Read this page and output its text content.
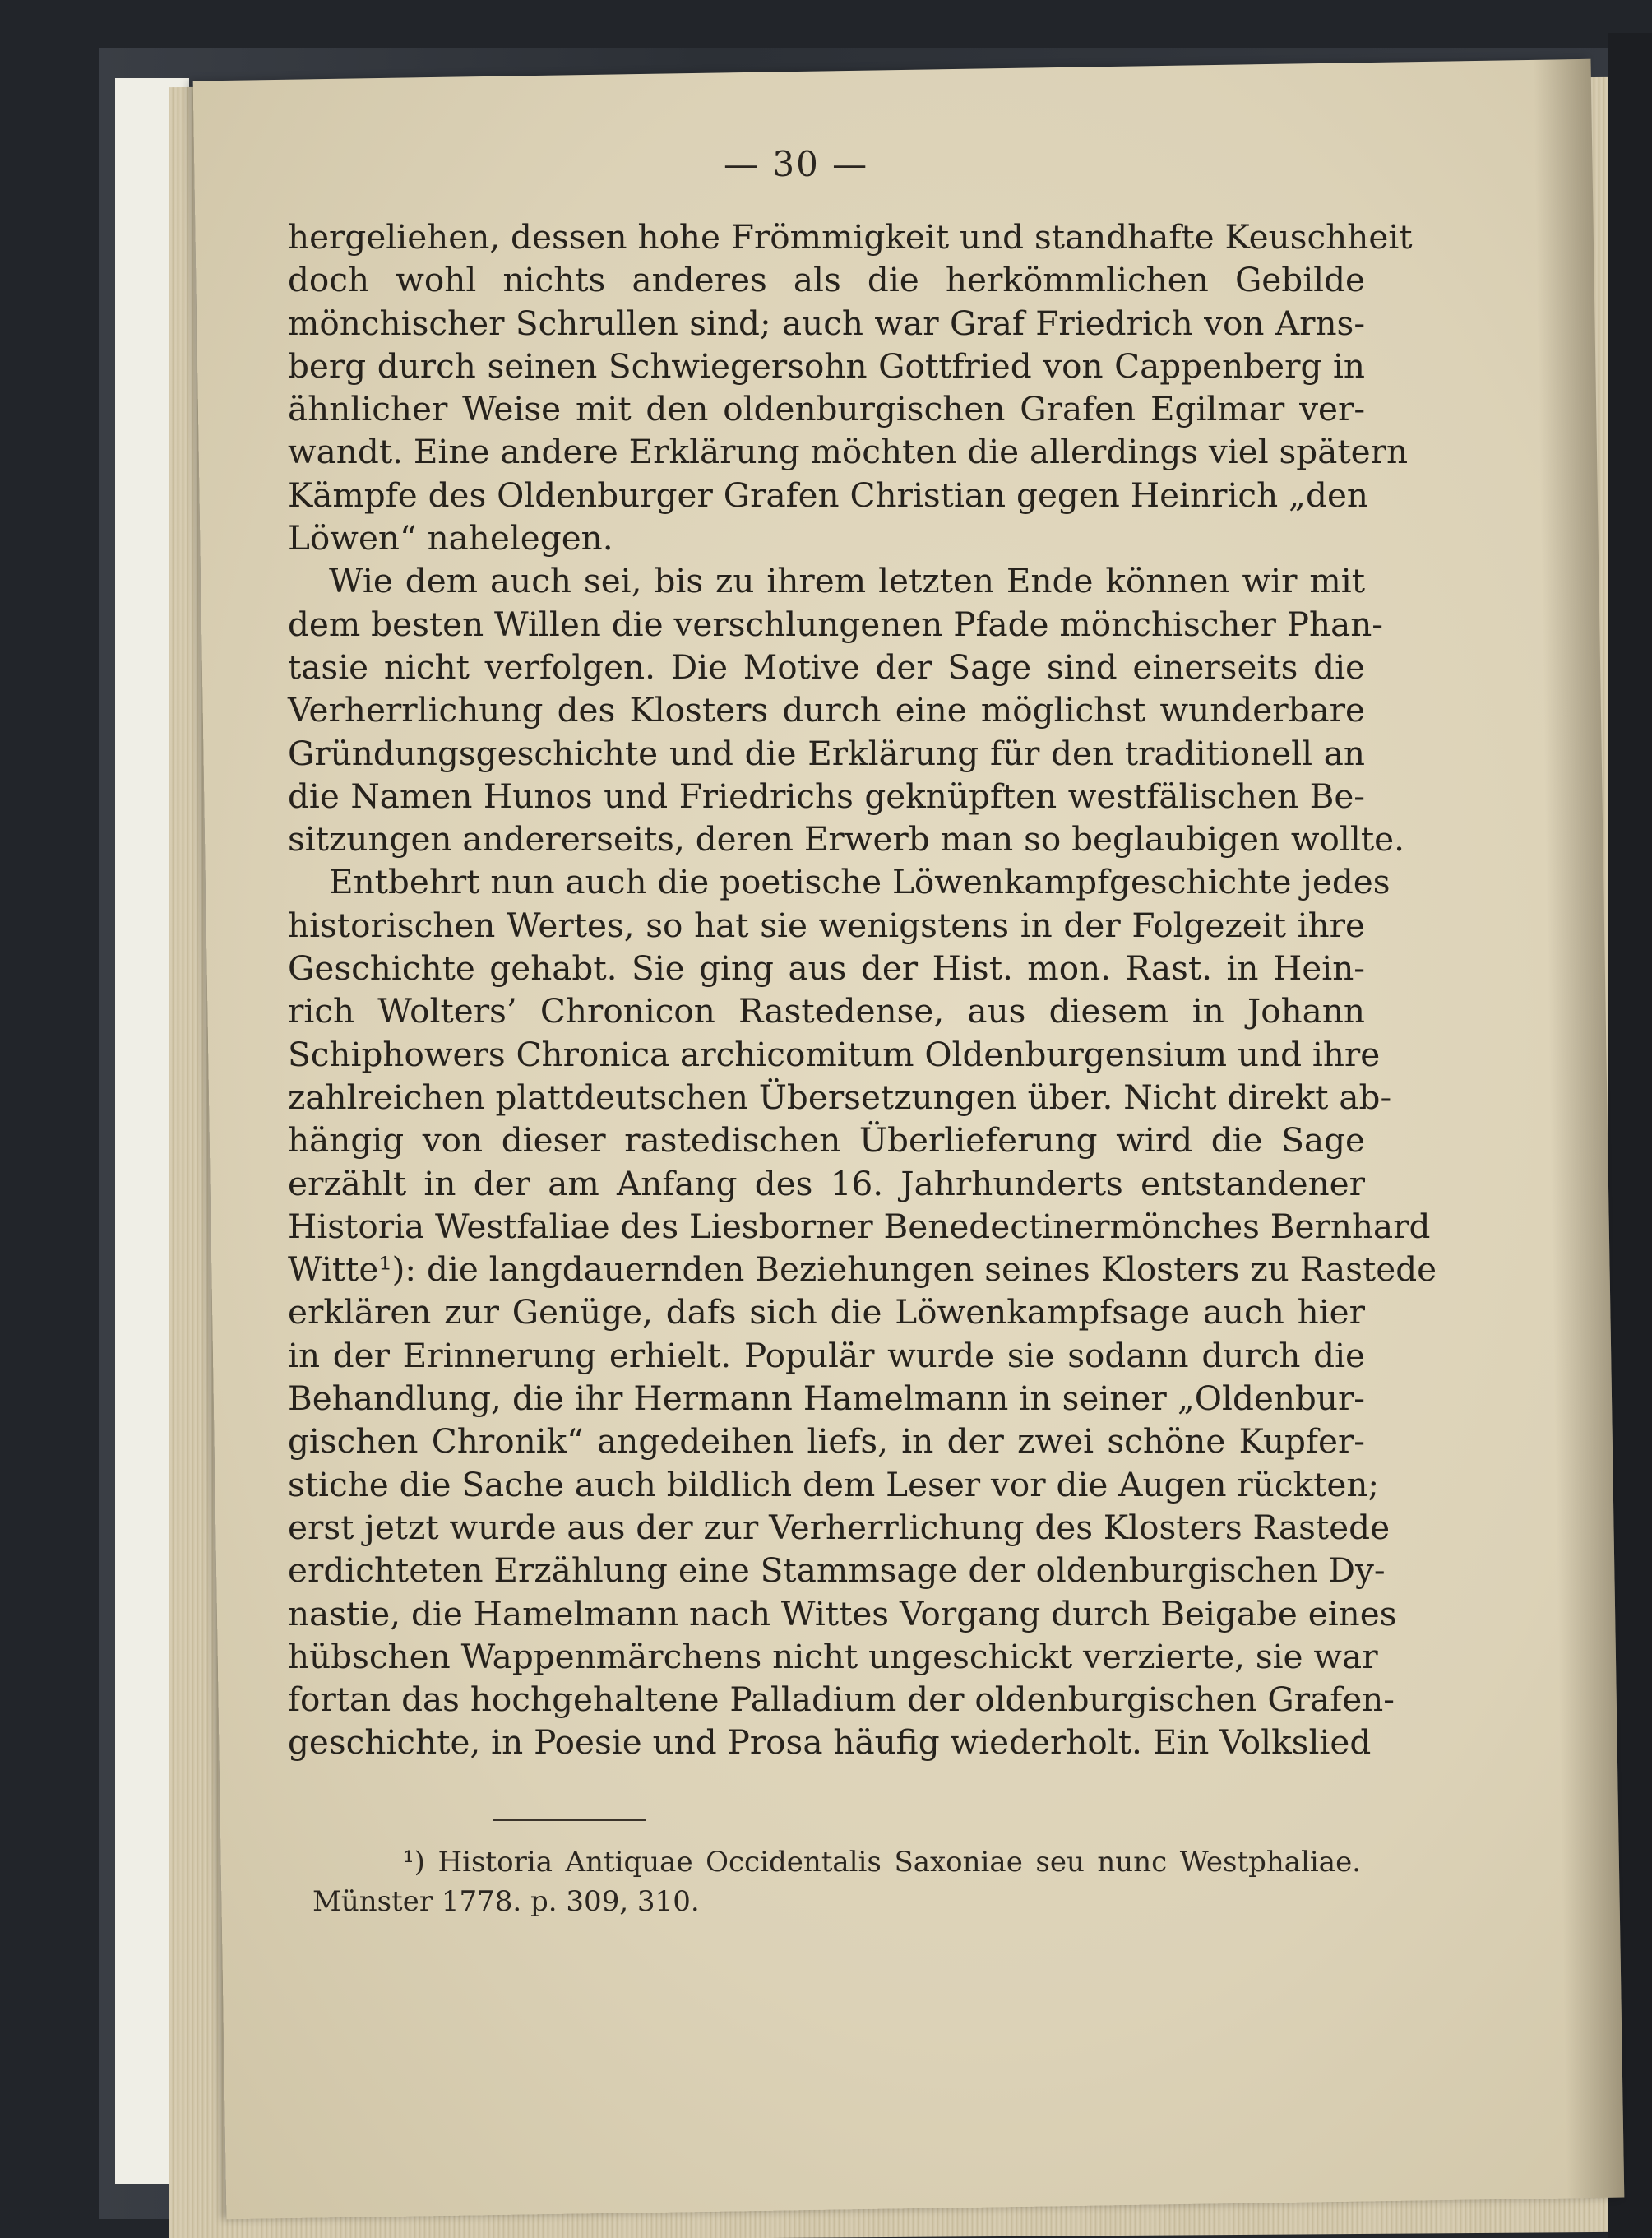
— 30 —
hergeliehen, dessen hohe Frömmigkeit und standhafte Keuschheit
doch wohl nichts anderes als die herkömmlichen Gebilde
mönchischer Schrullen sind; auch war Graf Friedrich von Arns-
berg durch seinen Schwiegersohn Gottfried von Cappenberg in
ähnlicher Weise mit den oldenburgischen Grafen Egilmar ver-
wandt. Eine andere Erklärung möchten die allerdings viel spätern
Kämpfe des Oldenburger Grafen Christian gegen Heinrich „den
Löwen“ nahelegen.
Wie dem auch sei, bis zu ihrem letzten Ende können wir mit
dem besten Willen die verschlungenen Pfade mönchischer Phan-
tasie nicht verfolgen. Die Motive der Sage sind einerseits die
Verherrlichung des Klosters durch eine möglichst wunderbare
Gründungsgeschichte und die Erklärung für den traditionell an
die Namen Hunos und Friedrichs geknüpften westfälischen Be-
sitzungen andererseits, deren Erwerb man so beglaubigen wollte.
Entbehrt nun auch die poetische Löwenkampfgeschichte jedes
historischen Wertes, so hat sie wenigstens in der Folgezeit ihre
Geschichte gehabt. Sie ging aus der Hist. mon. Rast. in Hein-
rich Wolters’ Chronicon Rastedense, aus diesem in Johann
Schiphowers Chronica archicomitum Oldenburgensium und ihre
zahlreichen plattdeutschen Übersetzungen über. Nicht direkt ab-
hängig von dieser rastedischen Überlieferung wird die Sage
erzählt in der am Anfang des 16. Jahrhunderts entstandener
Historia Westfaliae des Liesborner Benedectinermönches Bernhard
Witte¹): die langdauernden Beziehungen seines Klosters zu Rastede
erklären zur Genüge, dafs sich die Löwenkampfsage auch hier
in der Erinnerung erhielt. Populär wurde sie sodann durch die
Behandlung, die ihr Hermann Hamelmann in seiner „Oldenbur-
gischen Chronik“ angedeihen liefs, in der zwei schöne Kupfer-
stiche die Sache auch bildlich dem Leser vor die Augen rückten;
erst jetzt wurde aus der zur Verherrlichung des Klosters Rastede
erdichteten Erzählung eine Stammsage der oldenburgischen Dy-
nastie, die Hamelmann nach Wittes Vorgang durch Beigabe eines
hübschen Wappenmärchens nicht ungeschickt verzierte, sie war
fortan das hochgehaltene Palladium der oldenburgischen Grafen-
geschichte, in Poesie und Prosa häufig wiederholt. Ein Volkslied
¹) Historia Antiquae Occidentalis Saxoniae seu nunc Westphaliae.
Münster 1778. p. 309, 310.
